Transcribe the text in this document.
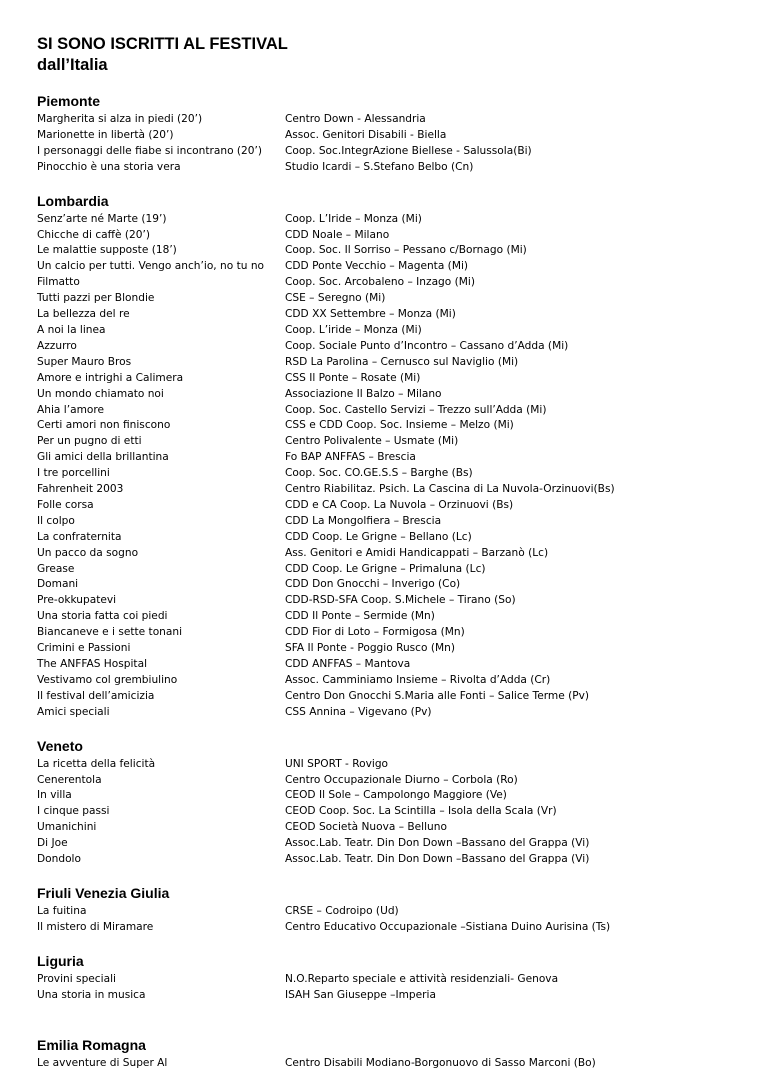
SI SONO ISCRITTI AL FESTIVAL
dall’Italia
Piemonte
Margherita si alza in piedi (20’)	Centro Down - Alessandria
Marionette in libertà (20’)	Assoc. Genitori Disabili - Biella
I personaggi delle fiabe si incontrano (20’)	Coop. Soc.IntegrAzione Biellese - Salussola(Bi)
Pinocchio è una storia vera	Studio Icardi – S.Stefano Belbo (Cn)
Lombardia
Senz’arte né Marte (19’)	Coop. L’Iride – Monza (Mi)
Chicche di caffè (20’)	CDD Noale – Milano
Le malattie supposte (18’)	Coop. Soc. Il Sorriso – Pessano c/Bornago (Mi)
Un calcio per tutti. Vengo anch’io, no tu no	CDD Ponte Vecchio – Magenta (Mi)
Filmatto	Coop. Soc. Arcobaleno – Inzago (Mi)
Tutti pazzi per Blondie	CSE – Seregno (Mi)
La bellezza del re	CDD XX Settembre – Monza (Mi)
A noi la linea	Coop. L’iride – Monza (Mi)
Azzurro	Coop. Sociale Punto d’Incontro – Cassano d’Adda (Mi)
Super Mauro Bros	RSD La Parolina – Cernusco sul Naviglio (Mi)
Amore e intrighi a Calimera	CSS Il Ponte – Rosate (Mi)
Un mondo chiamato noi	Associazione Il Balzo – Milano
Ahia l’amore	Coop. Soc. Castello Servizi – Trezzo sull’Adda (Mi)
Certi amori non finiscono	CSS e CDD Coop. Soc. Insieme – Melzo (Mi)
Per un pugno di etti	Centro Polivalente – Usmate (Mi)
Gli amici della brillantina	Fo BAP ANFFAS – Brescia
I tre porcellini	Coop. Soc. CO.GE.S.S – Barghe (Bs)
Fahrenheit 2003	Centro Riabilitaz. Psich. La Cascina di La Nuvola-Orzinuovi(Bs)
Folle corsa	CDD e CA Coop. La Nuvola – Orzinuovi (Bs)
Il colpo	CDD La Mongolfiera – Brescia
La confraternita	CDD Coop. Le Grigne – Bellano (Lc)
Un pacco da sogno	Ass. Genitori e Amidi Handicappati – Barzanò (Lc)
Grease	CDD Coop. Le Grigne – Primaluna (Lc)
Domani	CDD Don Gnocchi – Inverigo (Co)
Pre-okkupatevi	CDD-RSD-SFA Coop. S.Michele – Tirano (So)
Una storia fatta coi piedi	CDD Il Ponte – Sermide (Mn)
Biancaneve e i sette tonani	CDD Fior di Loto – Formigosa (Mn)
Crimini e Passioni	SFA Il Ponte - Poggio Rusco (Mn)
The ANFFAS Hospital	CDD ANFFAS – Mantova
Vestivamo col grembiulino	Assoc. Camminiamo Insieme – Rivolta d’Adda (Cr)
Il festival dell’amicizia	Centro Don Gnocchi S.Maria alle Fonti – Salice Terme (Pv)
Amici speciali	CSS Annina – Vigevano (Pv)
Veneto
La ricetta della felicità	UNI SPORT - Rovigo
Cenerentola	Centro Occupazionale Diurno – Corbola (Ro)
In villa	CEOD Il Sole – Campolongo Maggiore (Ve)
I cinque passi	CEOD Coop. Soc. La Scintilla – Isola della Scala (Vr)
Umanichini	CEOD Società Nuova – Belluno
Di Joe	Assoc.Lab. Teatr. Din Don Down –Bassano del Grappa (Vi)
Dondolo	Assoc.Lab. Teatr. Din Don Down –Bassano del Grappa (Vi)
Friuli Venezia Giulia
La fuitina	CRSE – Codroipo (Ud)
Il mistero di Miramare	Centro Educativo Occupazionale –Sistiana Duino Aurisina (Ts)
Liguria
Provini speciali	N.O.Reparto speciale e attività residenziali- Genova
Una storia in musica	ISAH San Giuseppe –Imperia
Emilia Romagna
Le avventure di Super Al	Centro Disabili Modiano-Borgonuovo di Sasso Marconi (Bo)
